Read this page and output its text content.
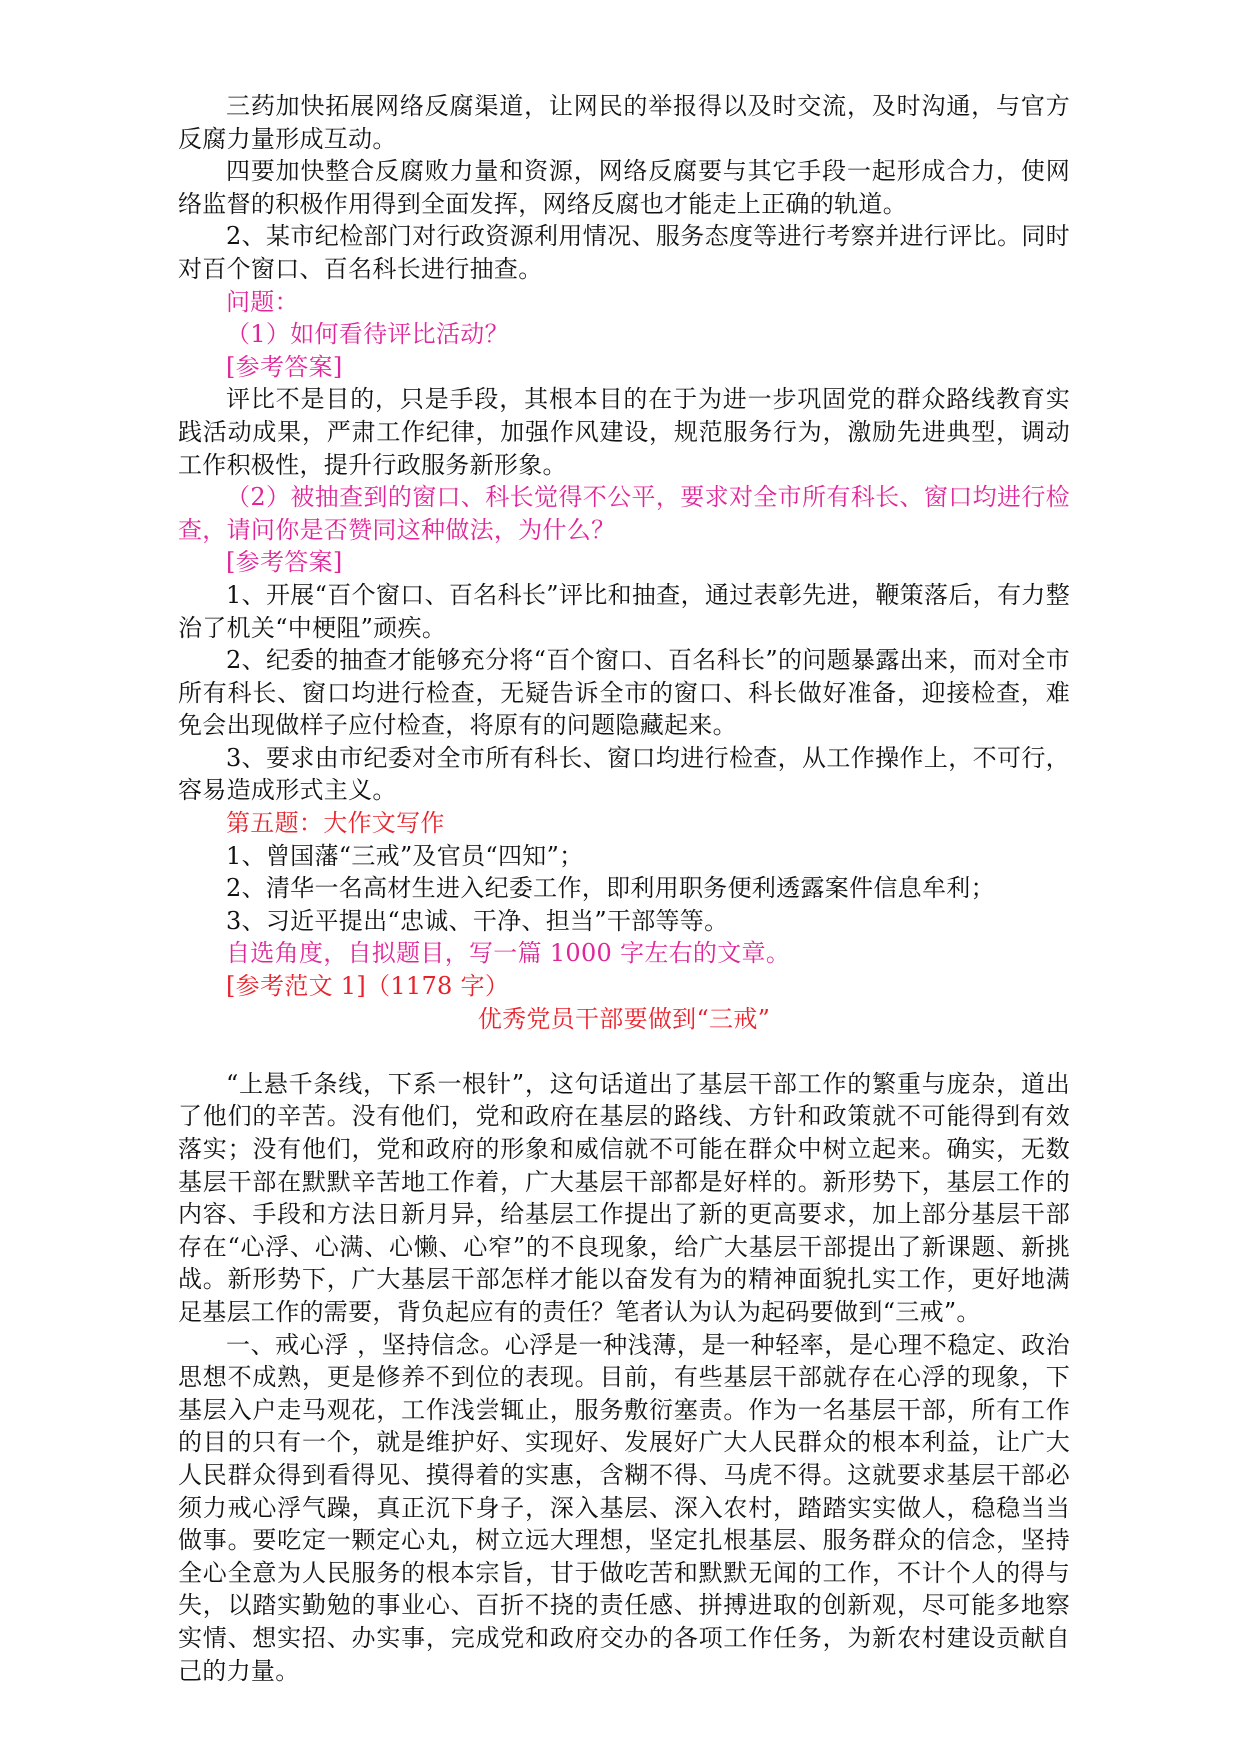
三药加快拓展网络反腐渠道，让网民的举报得以及时交流，及时沟通，与官方反腐力量形成互动。

四要加快整合反腐败力量和资源，网络反腐要与其它手段一起形成合力，使网络监督的积极作用得到全面发挥，网络反腐也才能走上正确的轨道。

2、某市纪检部门对行政资源利用情况、服务态度等进行考察并进行评比。同时对百个窗口、百名科长进行抽查。

问题：

（1）如何看待评比活动？

[参考答案]

评比不是目的，只是手段，其根本目的在于为进一步巩固党的群众路线教育实践活动成果，严肃工作纪律，加强作风建设，规范服务行为，激励先进典型，调动工作积极性，提升行政服务新形象。

（2）被抽查到的窗口、科长觉得不公平，要求对全市所有科长、窗口均进行检查，请问你是否赞同这种做法，为什么？

[参考答案]

1、开展“百个窗口、百名科长”评比和抽查，通过表彰先进，鞭策落后，有力整治了机关“中梗阻”顽疾。

2、纪委的抽查才能够充分将“百个窗口、百名科长”的问题暴露出来，而对全市所有科长、窗口均进行检查，无疑告诉全市的窗口、科长做好准备，迎接检查，难免会出现做样子应付检查，将原有的问题隐藏起来。

3、要求由市纪委对全市所有科长、窗口均进行检查，从工作操作上，不可行，容易造成形式主义。

第五题：大作文写作

1、曾国藩“三戒”及官员“四知”；

2、清华一名高材生进入纪委工作，即利用职务便利透露案件信息牟利；

3、习近平提出“忠诚、干净、担当”干部等等。

自选角度，自拟题目，写一篇 1000 字左右的文章。

[参考范文 1]（1178 字）

优秀党员干部要做到“三戒”

“上悬千条线，下系一根针”，这句话道出了基层干部工作的繁重与庞杂，道出了他们的辛苦。没有他们，党和政府在基层的路线、方针和政策就不可能得到有效落实；没有他们，党和政府的形象和威信就不可能在群众中树立起来。确实，无数基层干部在默默辛苦地工作着，广大基层干部都是好样的。新形势下，基层工作的内容、手段和方法日新月异，给基层工作提出了新的更高要求，加上部分基层干部存在“心浮、心满、心懒、心窄”的不良现象，给广大基层干部提出了新课题、新挑战。新形势下，广大基层干部怎样才能以奋发有为的精神面貌扎实工作，更好地满足基层工作的需要，背负起应有的责任？笔者认为认为起码要做到“三戒”。

一、戒心浮 ，坚持信念。心浮是一种浅薄，是一种轻率，是心理不稳定、政治思想不成熟，更是修养不到位的表现。目前，有些基层干部就存在心浮的现象，下基层入户走马观花，工作浅尝辄止，服务敷衍塞责。作为一名基层干部，所有工作的目的只有一个，就是维护好、实现好、发展好广大人民群众的根本利益，让广大人民群众得到看得见、摸得着的实惠，含糊不得、马虎不得。这就要求基层干部必须力戒心浮气躁，真正沉下身子，深入基层、深入农村，踏踏实实做人，稳稳当当做事。要吃定一颗定心丸，树立远大理想，坚定扎根基层、服务群众的信念，坚持全心全意为人民服务的根本宗旨，甘于做吃苦和默默无闻的工作，不计个人的得与失，以踏实勤勉的事业心、百折不挠的责任感、拼搏进取的创新观，尽可能多地察实情、想实招、办实事，完成党和政府交办的各项工作任务，为新农村建设贡献自己的力量。
